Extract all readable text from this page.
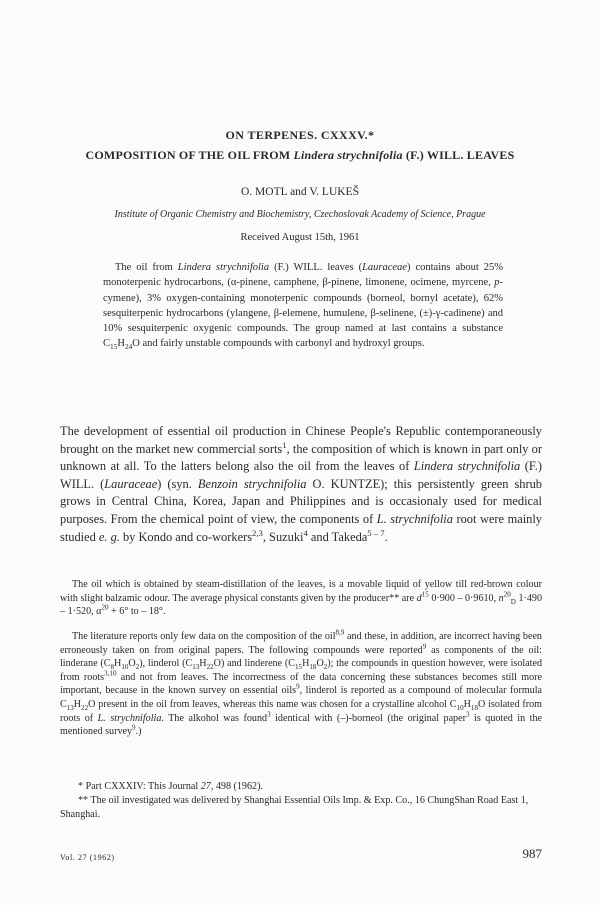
ON TERPENES. CXXXV.*
COMPOSITION OF THE OIL FROM Lindera strychnifolia (F.) WILL. LEAVES
O. MOTL and V. LUKEŠ
Institute of Organic Chemistry and Biochemistry, Czechoslovak Academy of Science, Prague
Received August 15th, 1961

The oil from Lindera strychnifolia (F.) WILL. leaves (Lauraceae) contains about 25% monoterpenic hydrocarbons, (α-pinene, camphene, β-pinene, limonene, ocimene, myrcene, p-cymene), 3% oxygen-containing monoterpenic compounds (borneol, bornyl acetate), 62% sesquiterpenic hydrocarbons (ylangene, β-elemene, humulene, β-selinene, (±)-γ-cadinene) and 10% sesquiterpenic oxygenic compounds. The group named at last contains a substance $C_{15}H_{24}O$ and fairly unstable compounds with carbonyl and hydroxyl groups.

The development of essential oil production in Chinese People's Republic contemporaneously brought on the market new commercial sorts$^1$, the composition of which is known in part only or unknown at all. To the latters belong also the oil from the leaves of Lindera strychnifolia (F.) WILL. (Lauraceae) (syn. Benzoin strychnifolia O. KUNTZE); this persistently green shrub grows in Central China, Korea, Japan and Philippines and is occasionaly used for medical purposes. From the chemical point of view, the components of L. strychnifolia root were mainly studied e. g. by Kondo and co-workers$^{2,3}$, Suzuki$^4$ and Takeda$^{5 - 7}$.

The oil which is obtained by steam-distillation of the leaves, is a movable liquid of yellow till red-brown colour with slight balzamic odour. The average physical constants given by the producer** are $d^{15}$ 0·900 – 0·9610, $n^{20}_D$ 1·490 – 1·520, $\alpha^{20} + 6^\circ$ to – 18°.

The literature reports only few data on the composition of the oil$^{8,9}$ and these, in addition, are incorrect having been erroneously taken on from original papers. The following compounds were reported$^9$ as components of the oil: linderane $(C_8H_{10}O_2)$, linderol $(C_{13}H_{22}O)$ and linderene $(C_{15}H_{18}O_2)$; the compounds in question however, were isolated from roots$^{3,10}$ and not from leaves. The incorrectness of the data concerning these substances becomes still more important, because in the known survey on essential oils$^9$, linderol is reported as a compound of molecular formula $C_{13}H_{22}O$ present in the oil from leaves, whereas this name was chosen for a crystalline alcohol $C_{10}H_{18}O$ isolated from roots of L. strychnifolia. The alkohol was found$^3$ identical with (–)-borneol (the original paper$^3$ is quoted in the mentioned survey$^9$.)

* Part CXXXIV: This Journal 27, 498 (1962).

** The oil investigated was delivered by Shanghai Essential Oils Imp. & Exp. Co., 16 ChungShan Road East 1, Shanghai.

Vol. 27 (1962)	987
